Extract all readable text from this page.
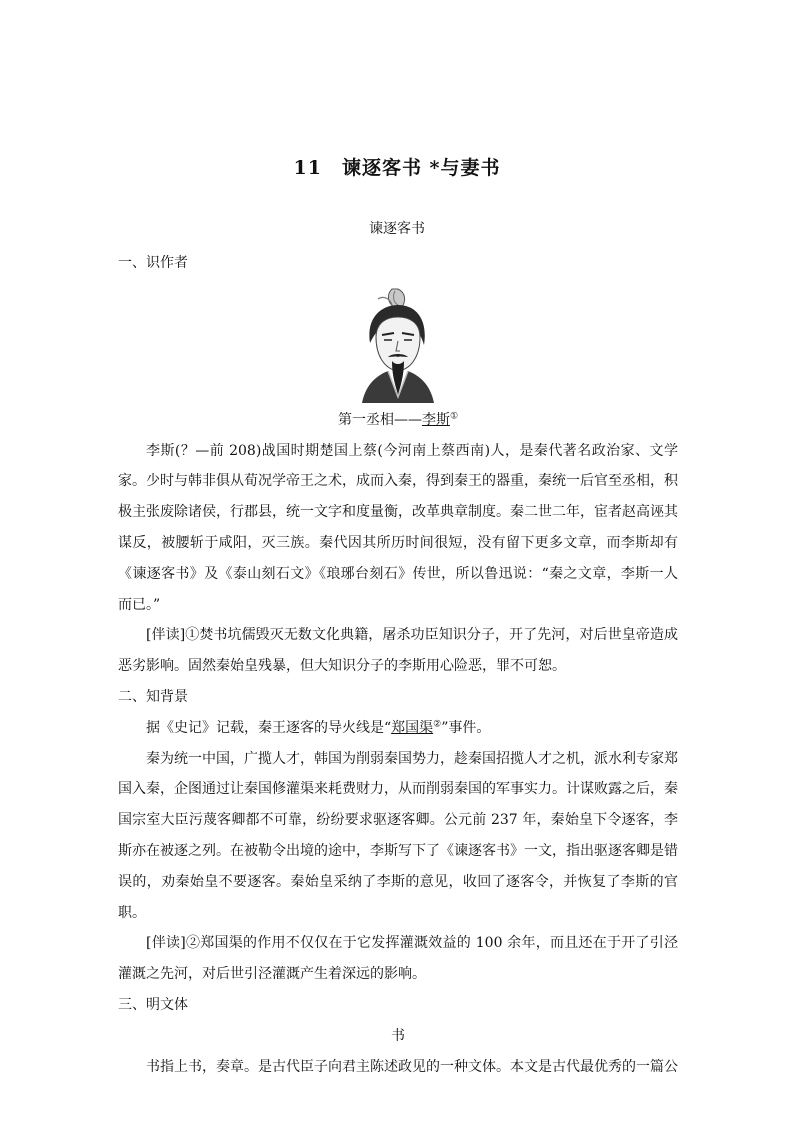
11 谏逐客书 *与妻书
谏逐客书

一、识作者

第一丞相——李斯①

李斯(？—前 208)战国时期楚国上蔡(今河南上蔡西南)人，是秦代著名政治家、文学家。少时与韩非俱从荀况学帝王之术，成而入秦，得到秦王的器重，秦统一后官至丞相，积极主张废除诸侯，行郡县，统一文字和度量衡，改革典章制度。秦二世二年，宦者赵高诬其谋反，被腰斩于咸阳，灭三族。秦代因其所历时间很短，没有留下更多文章，而李斯却有《谏逐客书》及《泰山刻石文》《琅琊台刻石》传世，所以鲁迅说：“秦之文章，李斯一人而已。”

[伴读]①焚书坑儒毁灭无数文化典籍，屠杀功臣知识分子，开了先河，对后世皇帝造成恶劣影响。固然秦始皇残暴，但大知识分子的李斯用心险恶，罪不可恕。

二、知背景

据《史记》记载，秦王逐客的导火线是“郑国渠②”事件。

秦为统一中国，广揽人才，韩国为削弱秦国势力，趁秦国招揽人才之机，派水利专家郑国入秦，企图通过让秦国修灌渠来耗费财力，从而削弱秦国的军事实力。计谋败露之后，秦国宗室大臣污蔑客卿都不可靠，纷纷要求驱逐客卿。公元前 237 年，秦始皇下令逐客，李斯亦在被逐之列。在被勒令出境的途中，李斯写下了《谏逐客书》一文，指出驱逐客卿是错误的，劝秦始皇不要逐客。秦始皇采纳了李斯的意见，收回了逐客令，并恢复了李斯的官职。

[伴读]②郑国渠的作用不仅仅在于它发挥灌溉效益的 100 余年，而且还在于开了引泾灌溉之先河，对后世引泾灌溉产生着深远的影响。

三、明文体

书

书指上书，奏章。是古代臣子向君主陈述政见的一种文体。本文是古代最优秀的一篇公
